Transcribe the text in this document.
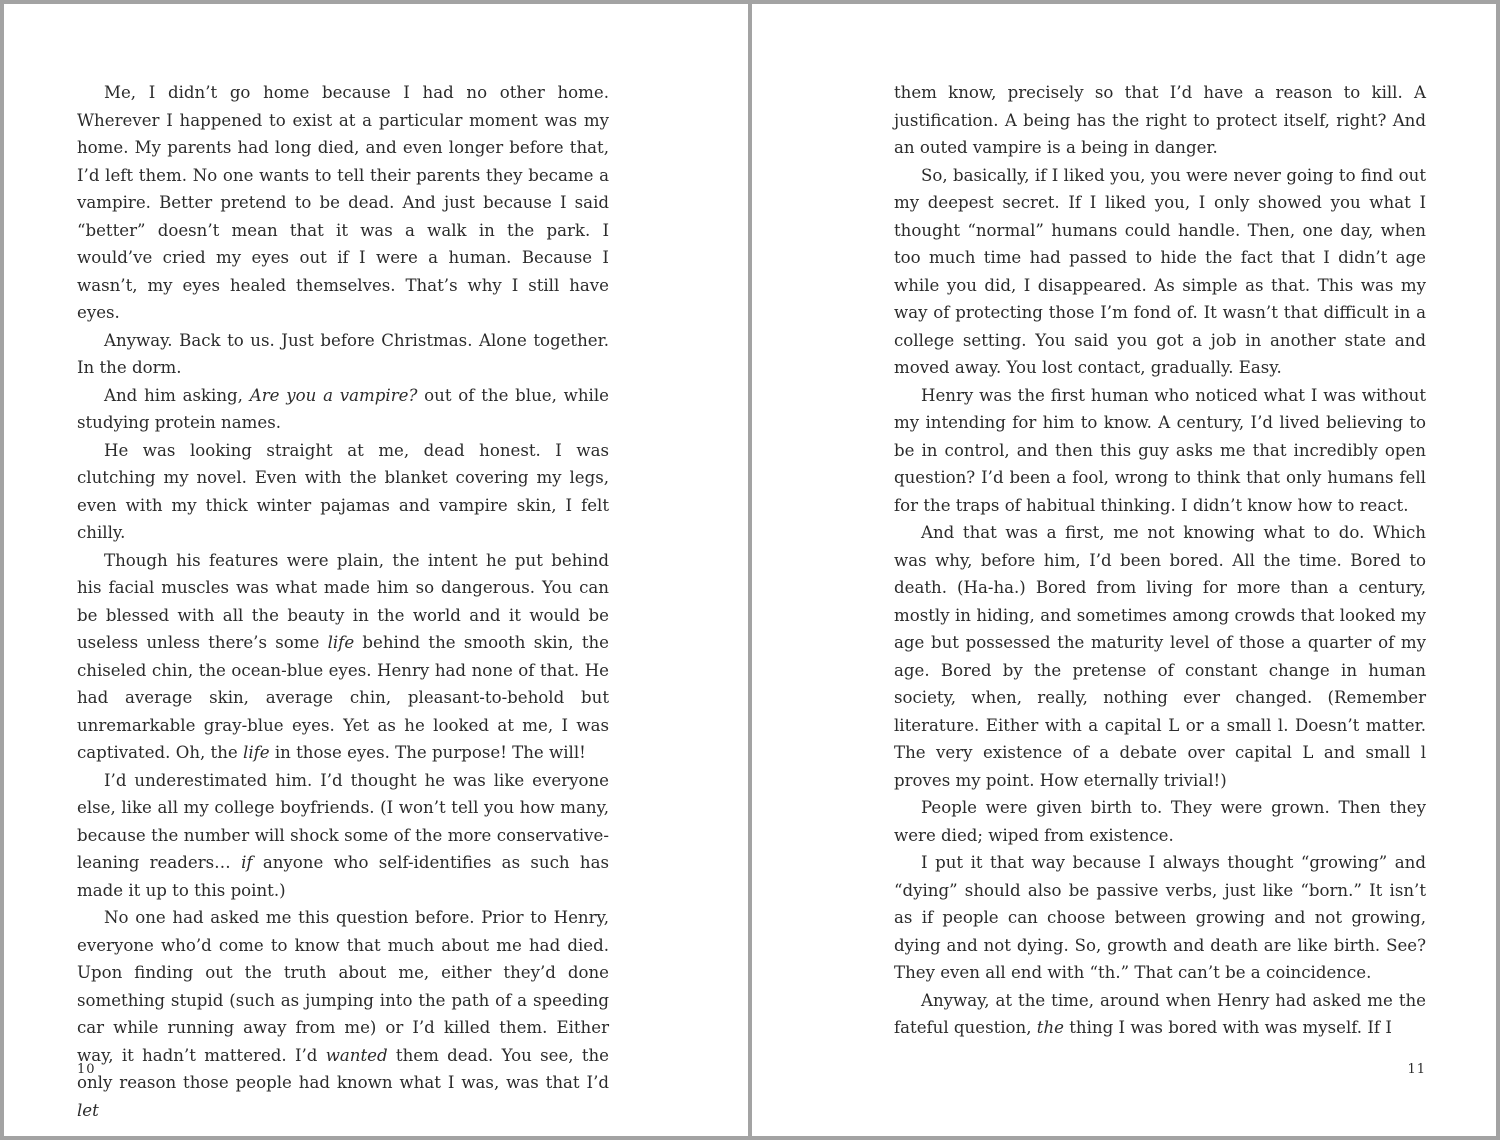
Me, I didn’t go home because I had no other home. Wherever I happened to exist at a particular moment was my home. My parents had long died, and even longer before that, I’d left them. No one wants to tell their parents they became a vampire. Better pretend to be dead. And just because I said “better” doesn’t mean that it was a walk in the park. I would’ve cried my eyes out if I were a human. Because I wasn’t, my eyes healed themselves. That’s why I still have eyes.

Anyway. Back to us. Just before Christmas. Alone together. In the dorm.

And him asking, Are you a vampire? out of the blue, while studying protein names.

He was looking straight at me, dead honest. I was clutching my novel. Even with the blanket covering my legs, even with my thick winter pajamas and vampire skin, I felt chilly.

Though his features were plain, the intent he put behind his facial muscles was what made him so dangerous. You can be blessed with all the beauty in the world and it would be useless unless there’s some life behind the smooth skin, the chiseled chin, the ocean-blue eyes. Henry had none of that. He had average skin, average chin, pleasant-to-behold but unremarkable gray-blue eyes. Yet as he looked at me, I was captivated. Oh, the life in those eyes. The purpose! The will!

I’d underestimated him. I’d thought he was like everyone else, like all my college boyfriends. (I won’t tell you how many, because the number will shock some of the more conservative-leaning readers… if anyone who self-identifies as such has made it up to this point.)

No one had asked me this question before. Prior to Henry, everyone who’d come to know that much about me had died. Upon finding out the truth about me, either they’d done something stupid (such as jumping into the path of a speeding car while running away from me) or I’d killed them. Either way, it hadn’t mattered. I’d wanted them dead. You see, the only reason those people had known what I was, was that I’d let

10

them know, precisely so that I’d have a reason to kill. A justification. A being has the right to protect itself, right? And an outed vampire is a being in danger.

So, basically, if I liked you, you were never going to find out my deepest secret. If I liked you, I only showed you what I thought “normal” humans could handle. Then, one day, when too much time had passed to hide the fact that I didn’t age while you did, I disappeared. As simple as that. This was my way of protecting those I’m fond of. It wasn’t that difficult in a college setting. You said you got a job in another state and moved away. You lost contact, gradually. Easy.

Henry was the first human who noticed what I was without my intending for him to know. A century, I’d lived believing to be in control, and then this guy asks me that incredibly open question? I’d been a fool, wrong to think that only humans fell for the traps of habitual thinking. I didn’t know how to react.

And that was a first, me not knowing what to do. Which was why, before him, I’d been bored. All the time. Bored to death. (Ha-ha.) Bored from living for more than a century, mostly in hiding, and sometimes among crowds that looked my age but possessed the maturity level of those a quarter of my age. Bored by the pretense of constant change in human society, when, really, nothing ever changed. (Remember literature. Either with a capital L or a small l. Doesn’t matter. The very existence of a debate over capital L and small l proves my point. How eternally trivial!)

People were given birth to. They were grown. Then they were died; wiped from existence.

I put it that way because I always thought “growing” and “dying” should also be passive verbs, just like “born.” It isn’t as if people can choose between growing and not growing, dying and not dying. So, growth and death are like birth. See? They even all end with “th.” That can’t be a coincidence.

Anyway, at the time, around when Henry had asked me the fateful question, the thing I was bored with was myself. If I

11
